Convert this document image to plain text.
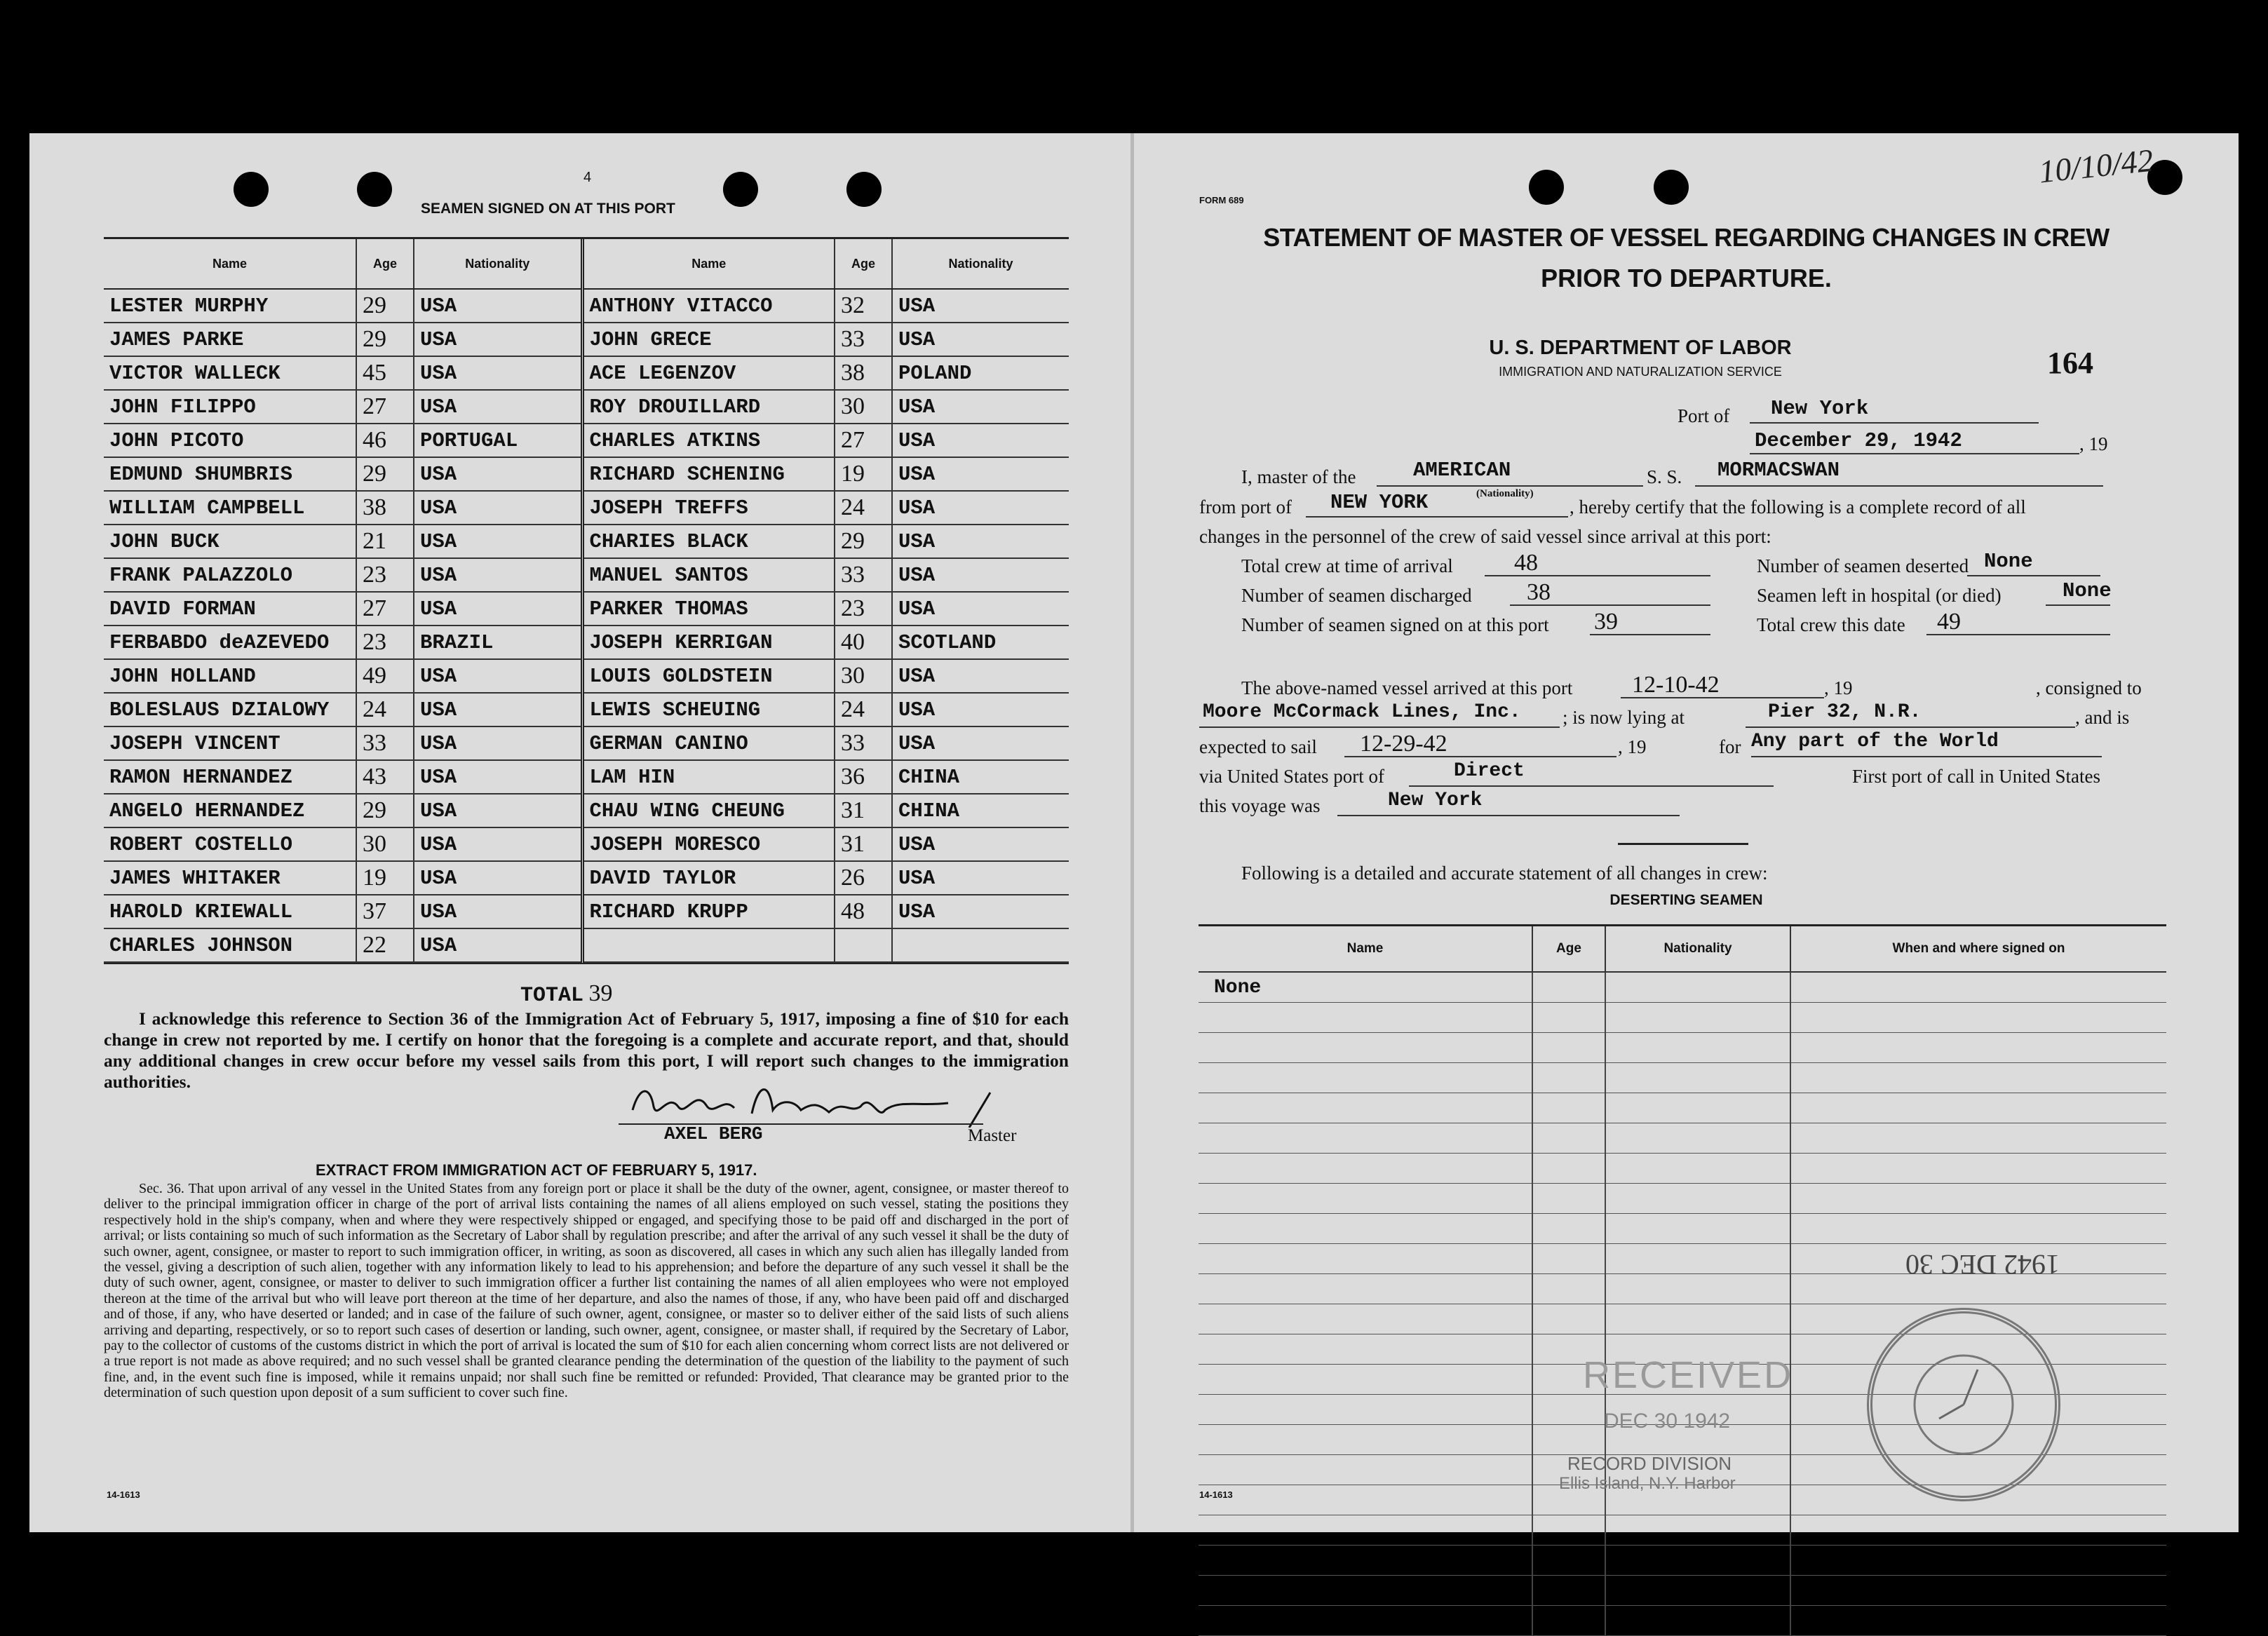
4
SEAMEN SIGNED ON AT THIS PORT
Name	Age	Nationality	Name	Age	Nationality
LESTER MURPHY	29	USA	ANTHONY VITACCO	32	USA
JAMES PARKE	29	USA	JOHN GRECE	33	USA
VICTOR WALLECK	45	USA	ACE LEGENZOV	38	POLAND
JOHN FILIPPO	27	USA	ROY DROUILLARD	30	USA
JOHN PICOTO	46	PORTUGAL	CHARLES ATKINS	27	USA
EDMUND SHUMBRIS	29	USA	RICHARD SCHENING	19	USA
WILLIAM CAMPBELL	38	USA	JOSEPH TREFFS	24	USA
JOHN BUCK	21	USA	CHARIES BLACK	29	USA
FRANK PALAZZOLO	23	USA	MANUEL SANTOS	33	USA
DAVID FORMAN	27	USA	PARKER THOMAS	23	USA
FERBABDO deAZEVEDO	23	BRAZIL	JOSEPH KERRIGAN	40	SCOTLAND
JOHN HOLLAND	49	USA	LOUIS GOLDSTEIN	30	USA
BOLESLAUS DZIALOWY	24	USA	LEWIS SCHEUING	24	USA
JOSEPH VINCENT	33	USA	GERMAN CANINO	33	USA
RAMON HERNANDEZ	43	USA	LAM HIN	36	CHINA
ANGELO HERNANDEZ	29	USA	CHAU WING CHEUNG	31	CHINA
ROBERT COSTELLO	30	USA	JOSEPH MORESCO	31	USA
JAMES WHITAKER	19	USA	DAVID TAYLOR	26	USA
HAROLD KRIEWALL	37	USA	RICHARD KRUPP	48	USA
CHARLES JOHNSON	22	USA			
TOTAL 39
I acknowledge this reference to Section 36 of the Immigration Act of February 5, 1917, imposing a fine of $10 for each change in crew not reported by me. I certify on honor that the foregoing is a complete and accurate report, and that, should any additional changes in crew occur before my vessel sails from this port, I will report such changes to the immigration authorities.
AXEL BERG	Master
EXTRACT FROM IMMIGRATION ACT OF FEBRUARY 5, 1917.
Sec. 36. That upon arrival of any vessel in the United States from any foreign port or place it shall be the duty of the owner, agent, consignee, or master thereof to deliver to the principal immigration officer in charge of the port of arrival lists containing the names of all aliens employed on such vessel, stating the positions they respectively hold in the ship's company, when and where they were respectively shipped or engaged, and specifying those to be paid off and discharged in the port of arrival; or lists containing so much of such information as the Secretary of Labor shall by regulation prescribe; and after the arrival of any such vessel it shall be the duty of such owner, agent, consignee, or master to report to such immigration officer, in writing, as soon as discovered, all cases in which any such alien has illegally landed from the vessel, giving a description of such alien, together with any information likely to lead to his apprehension; and before the departure of any such vessel it shall be the duty of such owner, agent, consignee, or master to deliver to such immigration officer a further list containing the names of all alien employees who were not employed thereon at the time of the arrival but who will leave port thereon at the time of her departure, and also the names of those, if any, who have been paid off and discharged and of those, if any, who have deserted or landed; and in case of the failure of such owner, agent, consignee, or master so to deliver either of the said lists of such aliens arriving and departing, respectively, or so to report such cases of desertion or landing, such owner, agent, consignee, or master shall, if required by the Secretary of Labor, pay to the collector of customs of the customs district in which the port of arrival is located the sum of $10 for each alien concerning whom correct lists are not delivered or a true report is not made as above required; and no such vessel shall be granted clearance pending the determination of the question of the liability to the payment of such fine, and, in the event such fine is imposed, while it remains unpaid; nor shall such fine be remitted or refunded: Provided, That clearance may be granted prior to the determination of such question upon deposit of a sum sufficient to cover such fine.
14-1613
FORM 689
10/10/42
STATEMENT OF MASTER OF VESSEL REGARDING CHANGES IN CREW
PRIOR TO DEPARTURE.
U. S. DEPARTMENT OF LABOR
IMMIGRATION AND NATURALIZATION SERVICE	164
Port of New York
December 29, 1942	, 19
I, master of the	AMERICAN
(Nationality)
S. S. MORMACSWAN
from port of NEW YORK	, hereby certify that the following is a complete record of all
changes in the personnel of the crew of said vessel since arrival at this port:
Total crew at time of arrival	48	Number of seamen deserted None
Number of seamen discharged 38	Seamen left in hospital (or died)	None
Number of seamen signed on at this port 39	Total crew this date 49
The above-named vessel arrived at this port 12-10-42	, 19	, consigned to
Moore McCormack Lines, Inc. ; is now lying at	Pier 32, N.R.	, and is
expected to sail 12-29-42	, 19	for Any part of the World
via United States port of	Direct	First port of call in United States
this voyage was	New York
Following is a detailed and accurate statement of all changes in crew:
DESERTING SEAMEN
Name	Age	Nationality	When and where signed on
None			

RECEIVED
DEC 30 1942
RECORD DIVISION
Ellis Island, N.Y. Harbor
1942 DEC 30
14-1613
